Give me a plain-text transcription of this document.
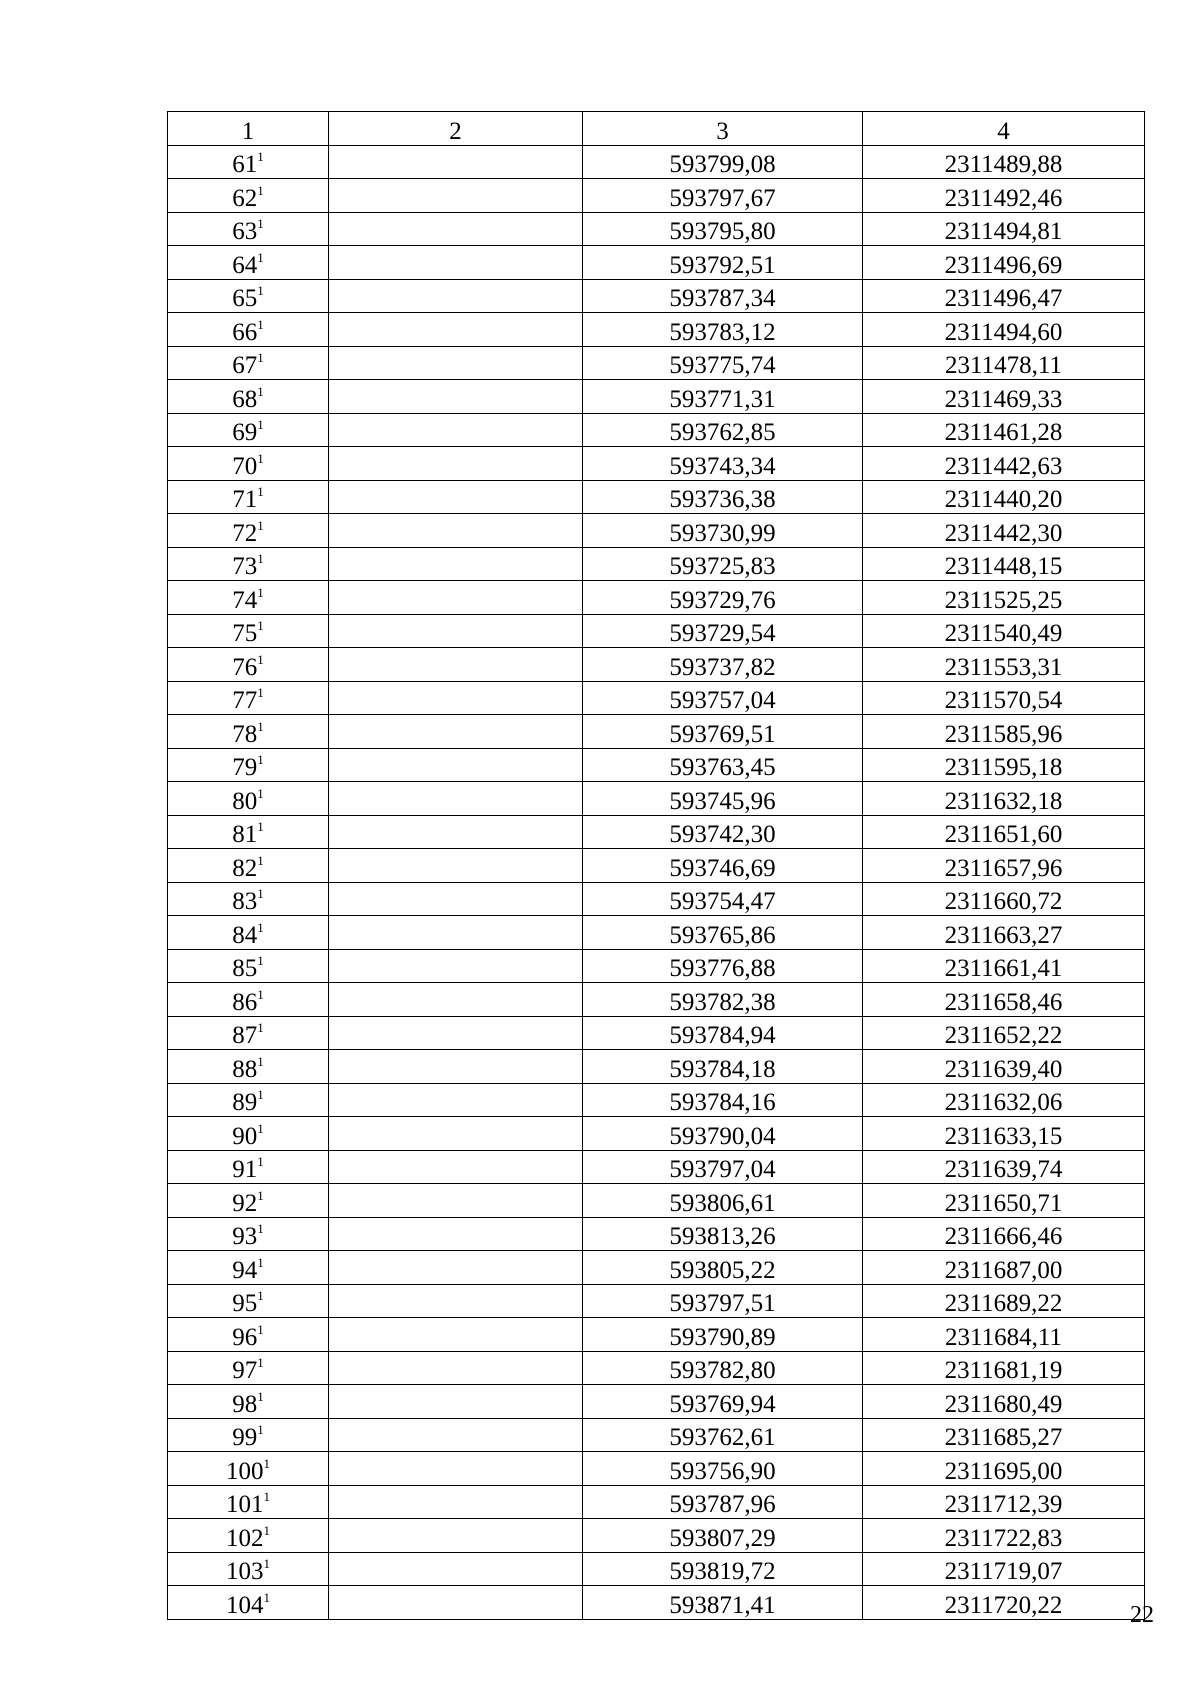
1	2	3	4
$61^1$		593799,08	2311489,88
$62^1$		593797,67	2311492,46
$63^1$		593795,80	2311494,81
$64^1$		593792,51	2311496,69
$65^1$		593787,34	2311496,47
$66^1$		593783,12	2311494,60
$67^1$		593775,74	2311478,11
$68^1$		593771,31	2311469,33
$69^1$		593762,85	2311461,28
$70^1$		593743,34	2311442,63
$71^1$		593736,38	2311440,20
$72^1$		593730,99	2311442,30
$73^1$		593725,83	2311448,15
$74^1$		593729,76	2311525,25
$75^1$		593729,54	2311540,49
$76^1$		593737,82	2311553,31
$77^1$		593757,04	2311570,54
$78^1$		593769,51	2311585,96
$79^1$		593763,45	2311595,18
$80^1$		593745,96	2311632,18
$81^1$		593742,30	2311651,60
$82^1$		593746,69	2311657,96
$83^1$		593754,47	2311660,72
$84^1$		593765,86	2311663,27
$85^1$		593776,88	2311661,41
$86^1$		593782,38	2311658,46
$87^1$		593784,94	2311652,22
$88^1$		593784,18	2311639,40
$89^1$		593784,16	2311632,06
$90^1$		593790,04	2311633,15
$91^1$		593797,04	2311639,74
$92^1$		593806,61	2311650,71
$93^1$		593813,26	2311666,46
$94^1$		593805,22	2311687,00
$95^1$		593797,51	2311689,22
$96^1$		593790,89	2311684,11
$97^1$		593782,80	2311681,19
$98^1$		593769,94	2311680,49
$99^1$		593762,61	2311685,27
$100^1$		593756,90	2311695,00
$101^1$		593787,96	2311712,39
$102^1$		593807,29	2311722,83
$103^1$		593819,72	2311719,07
$104^1$		593871,41	2311720,22	22
